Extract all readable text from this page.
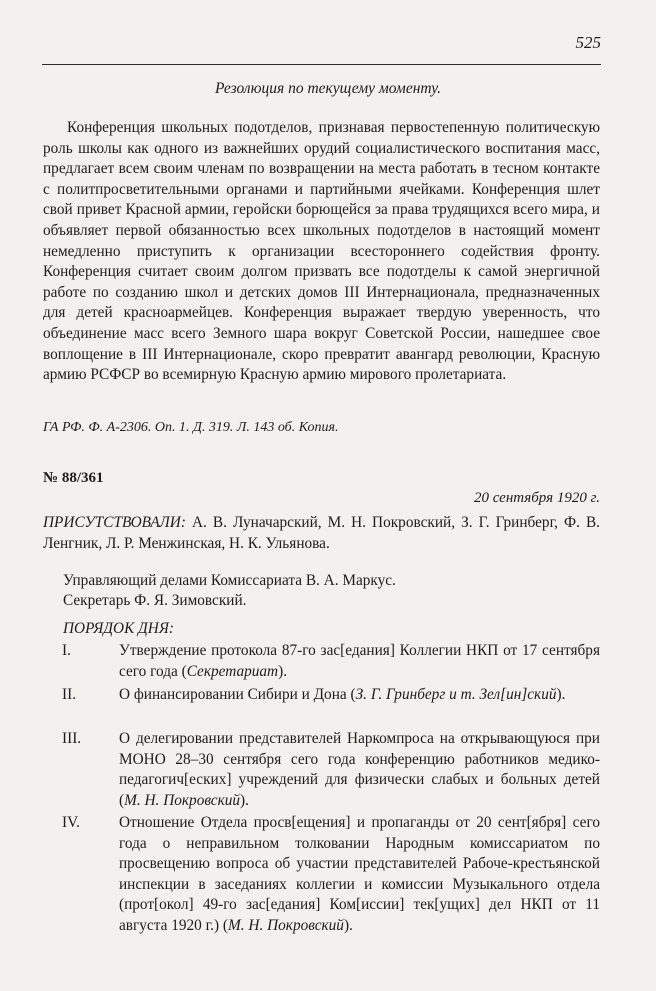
525
Резолюция по текущему моменту.

Конференция школьных подотделов, признавая первостепенную политическую роль школы как одного из важнейших орудий социалистического воспитания масс, предлагает всем своим членам по возвращении на места работать в тесном контакте с политпросветительными органами и партийными ячейками. Конференция шлет свой привет Красной армии, геройски борющейся за права трудящихся всего мира, и объявляет первой обязанностью всех школьных подотделов в настоящий момент немедленно приступить к организации всестороннего содействия фронту. Конференция считает своим долгом призвать все подотделы к самой энергичной работе по созданию школ и детских домов III Интернационала, предназначенных для детей красноармейцев. Конференция выражает твердую уверенность, что объединение масс всего Земного шара вокруг Советской России, нашедшее свое воплощение в III Интернационале, скоро превратит авангард революции, Красную армию РСФСР во всемирную Красную армию мирового пролетариата.

ГА РФ. Ф. А-2306. Оп. 1. Д. 319. Л. 143 об. Копия.
№ 88/361
20 сентября 1920 г.

ПРИСУТСТВОВАЛИ: А. В. Луначарский, М. Н. Покровский, З. Г. Гринберг, Ф. В. Ленгник, Л. Р. Менжинская, Н. К. Ульянова.

Управляющий делами Комиссариата В. А. Маркус.
Секретарь Ф. Я. Зимовский.
ПОРЯДОК ДНЯ:
I.	Утверждение протокола 87-го зас[едания] Коллегии НКП от 17 сентября сего года (Секретариат).
II.	О финансировании Сибири и Дона (З. Г. Гринберг и т. Зел[ин]ский).
III. О делегировании представителей Наркомпроса на открывающуюся при МОНО 28–30 сентября сего года конференцию работников медико-педагогич[еских] учреждений для физически слабых и больных детей (М. Н. Покровский).
IV.	Отношение Отдела просв[ещения] и пропаганды от 20 сент[ября] сего года о неправильном толковании Народным комиссариатом по просвещению вопроса об участии представителей Рабоче-крестьянской инспекции в заседаниях коллегии и комиссии Музыкального отдела (прот[окол] 49-го зас[едания] Ком[иссии] тек[ущих] дел НКП от 11 августа 1920 г.) (М. Н. Покровский).
